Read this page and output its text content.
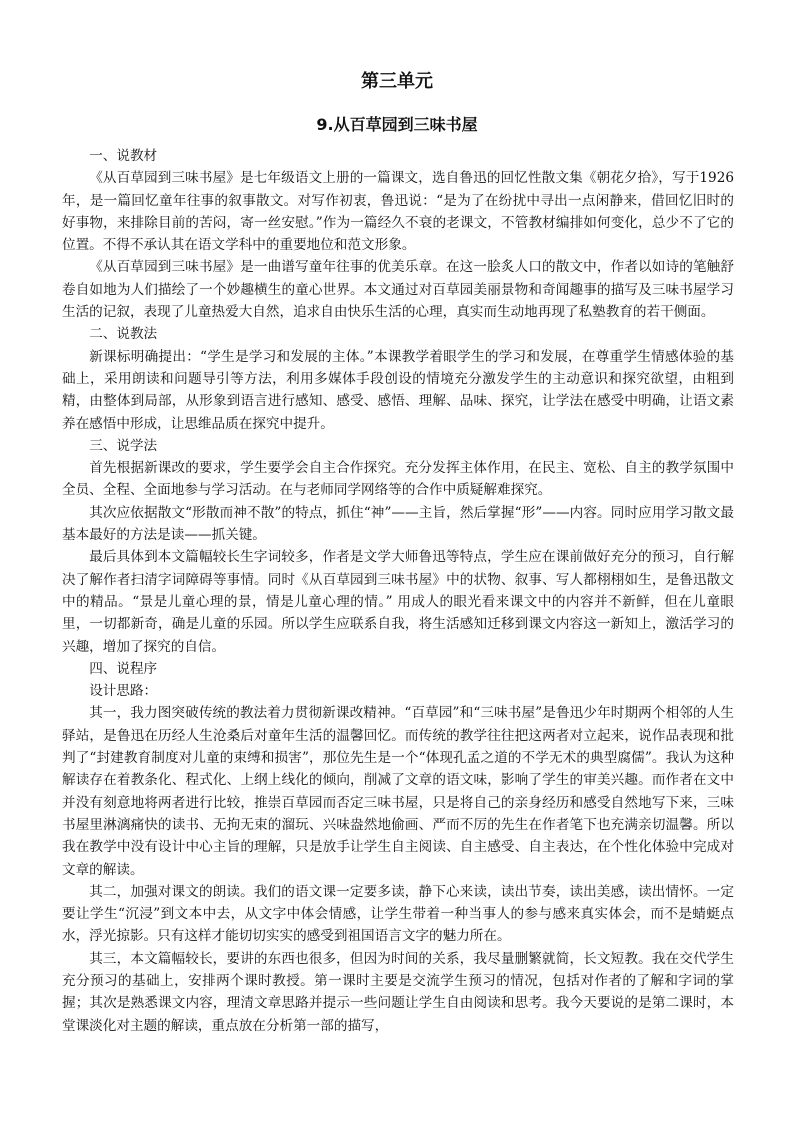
第三单元
9.从百草园到三味书屋

一、说教材

《从百草园到三味书屋》是七年级语文上册的一篇课文，选自鲁迅的回忆性散文集《朝花夕拾》，写于1926年，是一篇回忆童年往事的叙事散文。对写作初衷，鲁迅说：“是为了在纷扰中寻出一点闲静来，借回忆旧时的好事物，来排除目前的苦闷，寄一丝安慰。”作为一篇经久不衰的老课文，不管教材编排如何变化，总少不了它的位置。不得不承认其在语文学科中的重要地位和范文形象。

《从百草园到三味书屋》是一曲谱写童年往事的优美乐章。在这一脍炙人口的散文中，作者以如诗的笔触舒卷自如地为人们描绘了一个妙趣横生的童心世界。本文通过对百草园美丽景物和奇闻趣事的描写及三味书屋学习生活的记叙，表现了儿童热爱大自然，追求自由快乐生活的心理，真实而生动地再现了私塾教育的若干侧面。

二、说教法

新课标明确提出：“学生是学习和发展的主体。”本课教学着眼学生的学习和发展，在尊重学生情感体验的基础上，采用朗读和问题导引等方法，利用多媒体手段创设的情境充分激发学生的主动意识和探究欲望，由粗到精，由整体到局部，从形象到语言进行感知、感受、感悟、理解、品味、探究，让学法在感受中明确，让语文素养在感悟中形成，让思维品质在探究中提升。

三、说学法

首先根据新课改的要求，学生要学会自主合作探究。充分发挥主体作用，在民主、宽松、自主的教学氛围中全员、全程、全面地参与学习活动。在与老师同学网络等的合作中质疑解难探究。

其次应依据散文“形散而神不散”的特点，抓住“神”——主旨，然后掌握“形”——内容。同时应用学习散文最基本最好的方法是读——抓关键。

最后具体到本文篇幅较长生字词较多，作者是文学大师鲁迅等特点，学生应在课前做好充分的预习，自行解决了解作者扫清字词障碍等事情。同时《从百草园到三味书屋》中的状物、叙事、写人都栩栩如生，是鲁迅散文中的精品。“景是儿童心理的景，情是儿童心理的情。” 用成人的眼光看来课文中的内容并不新鲜，但在儿童眼里，一切都新奇，确是儿童的乐园。所以学生应联系自我，将生活感知迁移到课文内容这一新知上，激活学习的兴趣，增加了探究的自信。

四、说程序

设计思路：

其一，我力图突破传统的教法着力贯彻新课改精神。“百草园”和“三味书屋”是鲁迅少年时期两个相邻的人生驿站，是鲁迅在历经人生沧桑后对童年生活的温馨回忆。而传统的教学往往把这两者对立起来，说作品表现和批判了“封建教育制度对儿童的束缚和损害”，那位先生是一个“体现孔孟之道的不学无术的典型腐儒”。我认为这种解读存在着教条化、程式化、上纲上线化的倾向，削减了文章的语文味，影响了学生的审美兴趣。而作者在文中并没有刻意地将两者进行比较，推崇百草园而否定三味书屋，只是将自己的亲身经历和感受自然地写下来，三味书屋里淋漓痛快的读书、无拘无束的溜玩、兴味盎然地偷画、严而不厉的先生在作者笔下也充满亲切温馨。所以我在教学中没有设计中心主旨的理解，只是放手让学生自主阅读、自主感受、自主表达，在个性化体验中完成对文章的解读。

其二，加强对课文的朗读。我们的语文课一定要多读，静下心来读，读出节奏，读出美感，读出情怀。一定要让学生“沉浸”到文本中去，从文字中体会情感，让学生带着一种当事人的参与感来真实体会，而不是蜻蜓点水，浮光掠影。只有这样才能切切实实的感受到祖国语言文字的魅力所在。

其三，本文篇幅较长，要讲的东西也很多，但因为时间的关系，我尽量删繁就简，长文短教。我在交代学生充分预习的基础上，安排两个课时教授。第一课时主要是交流学生预习的情况，包括对作者的了解和字词的掌握；其次是熟悉课文内容，理清文章思路并提示一些问题让学生自由阅读和思考。我今天要说的是第二课时，本堂课淡化对主题的解读，重点放在分析第一部的描写，
